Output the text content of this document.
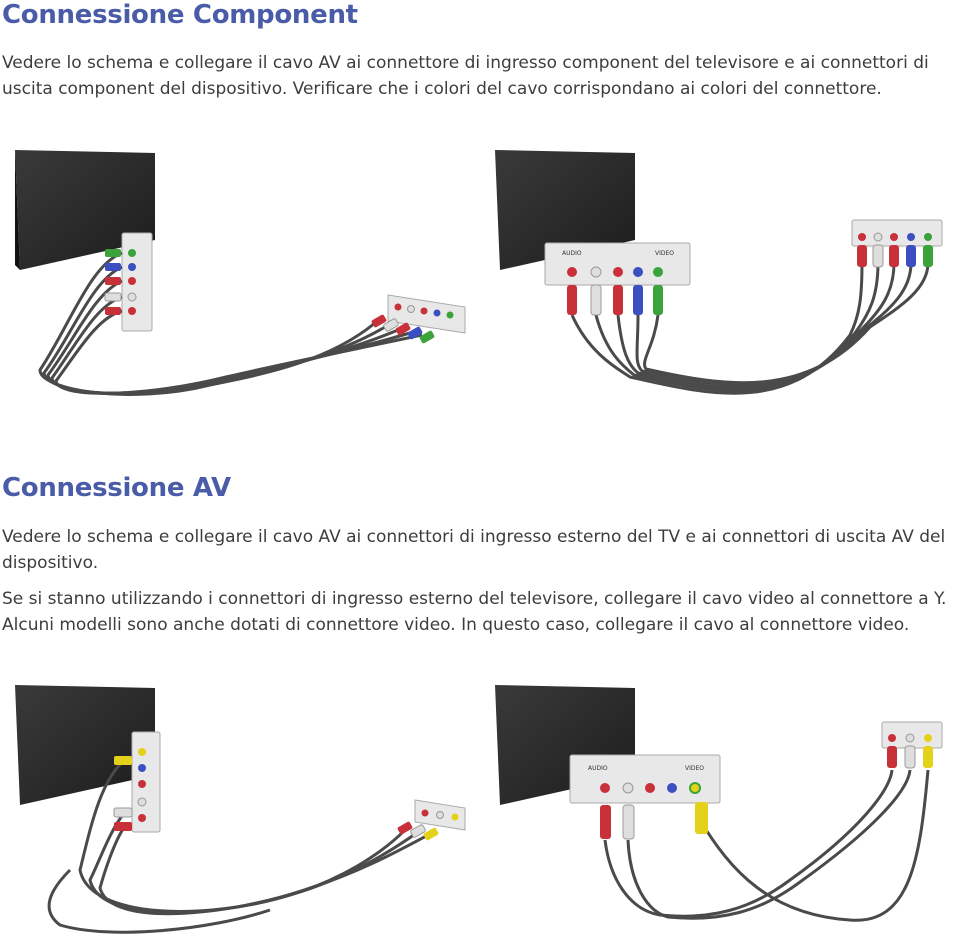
Connessione Component

Vedere lo schema e collegare il cavo AV ai connettore di ingresso component del televisore e ai connettori di uscita component del dispositivo. Verificare che i colori del cavo corrispondano ai colori del connettore.

AUDIO	VIDEO
Connessione AV

Vedere lo schema e collegare il cavo AV ai connettori di ingresso esterno del TV e ai connettori di uscita AV del dispositivo.

Se si stanno utilizzando i connettori di ingresso esterno del televisore, collegare il cavo video al connettore a Y. Alcuni modelli sono anche dotati di connettore video. In questo caso, collegare il cavo al connettore video.

AUDIO	VIDEO
